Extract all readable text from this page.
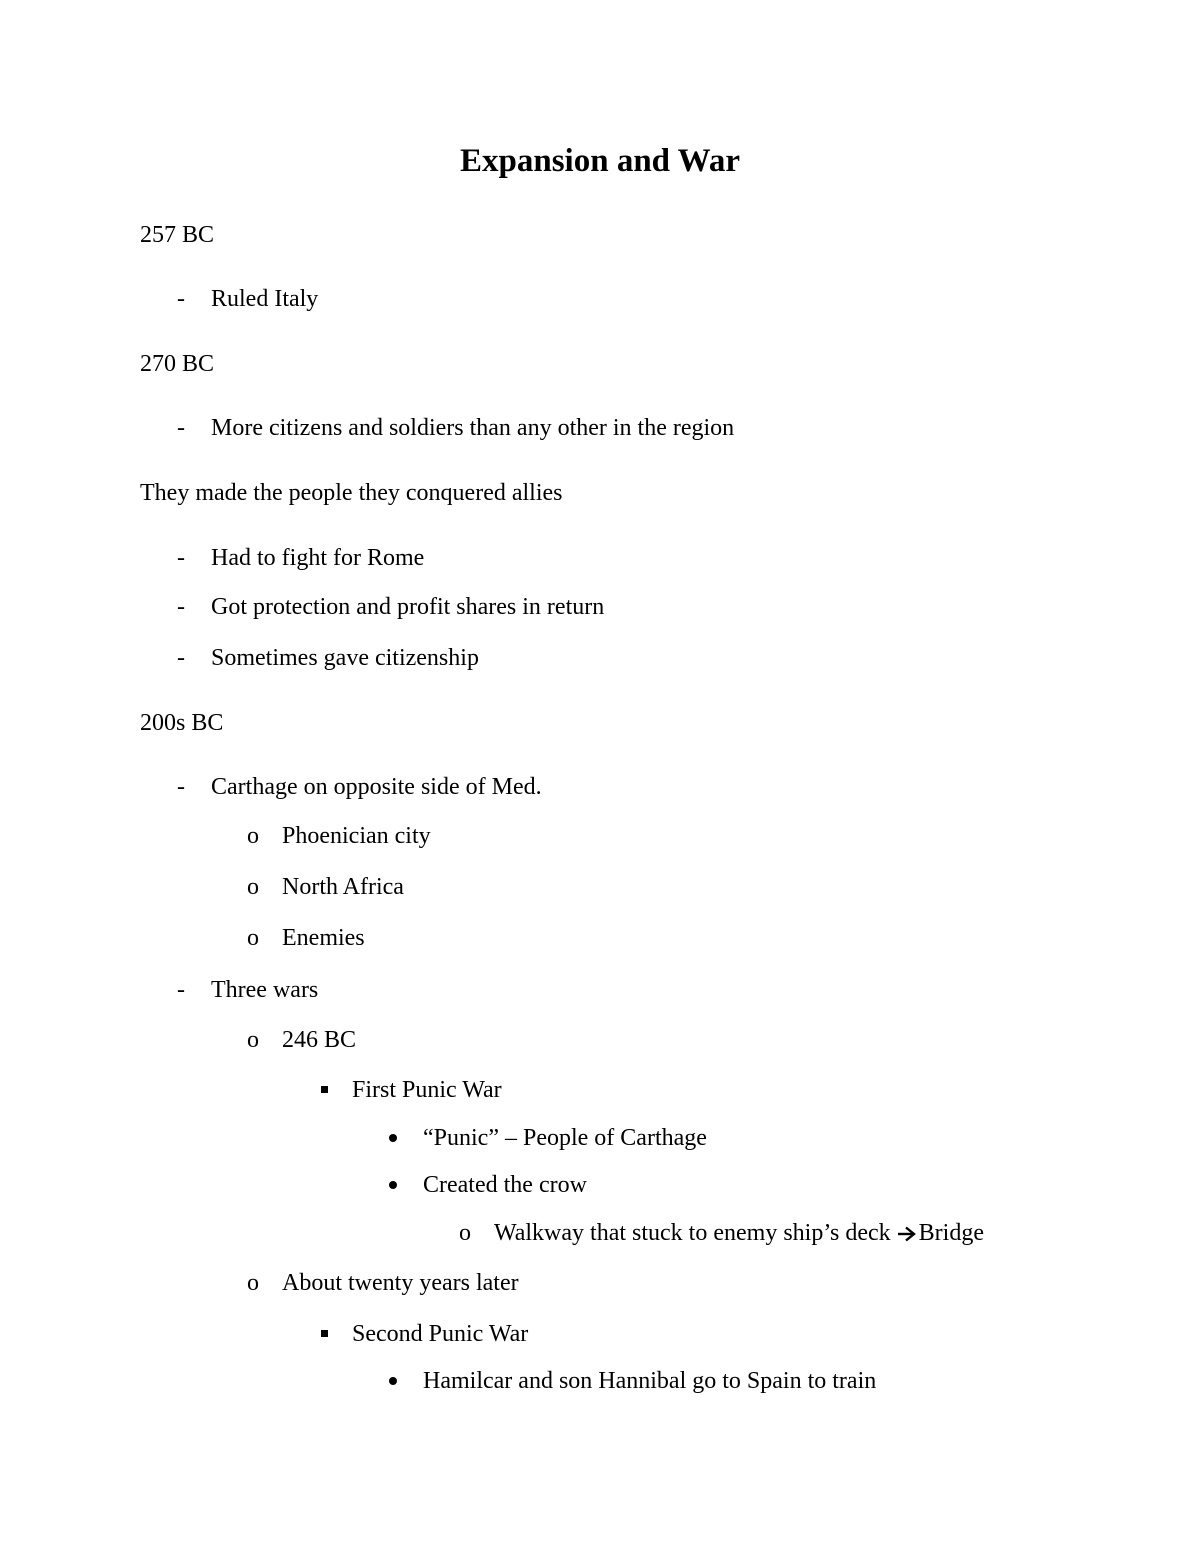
Expansion and War
257 BC
- Ruled Italy
270 BC
- More citizens and soldiers than any other in the region
They made the people they conquered allies
- Had to fight for Rome
- Got protection and profit shares in return
- Sometimes gave citizenship
200s BC
- Carthage on opposite side of Med.
o Phoenician city
o North Africa
o Enemies
- Three wars
o 246 BC
First Punic War
“Punic” – People of Carthage
Created the crow
o Walkway that stuck to enemy ship’s deck Bridge
o About twenty years later
Second Punic War
Hamilcar and son Hannibal go to Spain to train
